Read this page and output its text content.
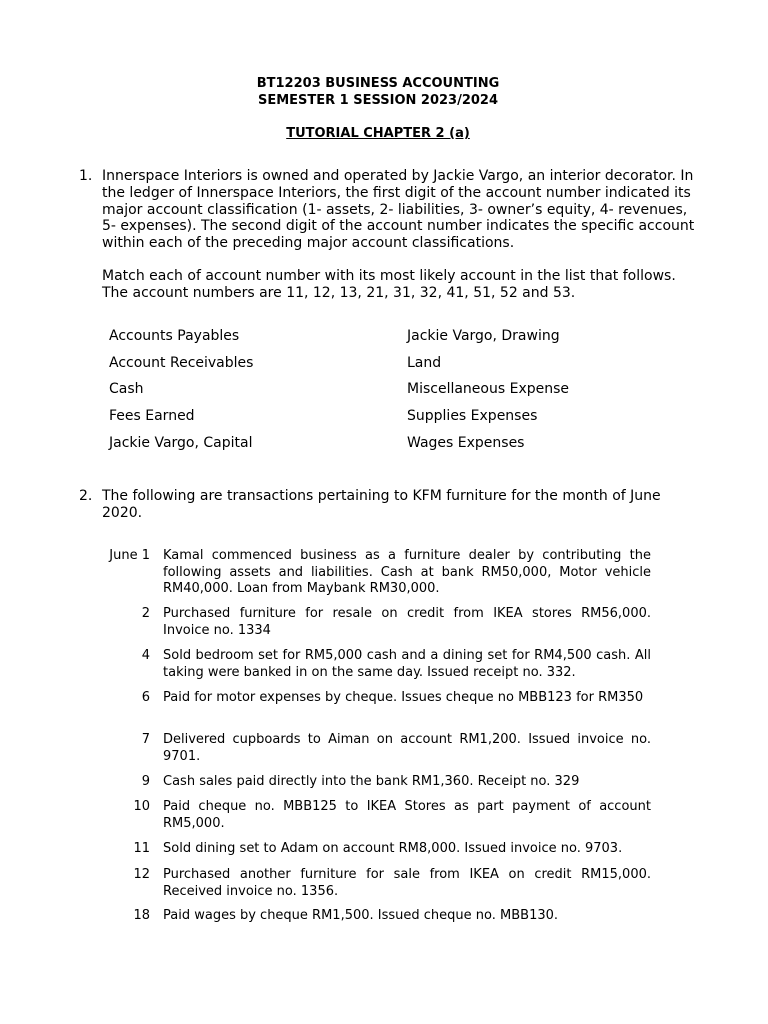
BT12203 BUSINESS ACCOUNTING
SEMESTER 1 SESSION 2023/2024
TUTORIAL CHAPTER 2 (a)
1. Innerspace Interiors is owned and operated by Jackie Vargo, an interior decorator. In the ledger of Innerspace Interiors, the first digit of the account number indicated its major account classification (1- assets, 2- liabilities, 3- owner’s equity, 4- revenues, 5- expenses). The second digit of the account number indicates the specific account within each of the preceding major account classifications.
Match each of account number with its most likely account in the list that follows. The account numbers are 11, 12, 13, 21, 31, 32, 41, 51, 52 and 53.
Accounts Payables
Account Receivables
Cash
Fees Earned
Jackie Vargo, Capital
Jackie Vargo, Drawing
Land
Miscellaneous Expense
Supplies Expenses
Wages Expenses
2. The following are transactions pertaining to KFM furniture for the month of June 2020.
June 1 Kamal commenced business as a furniture dealer by contributing the following assets and liabilities. Cash at bank RM50,000, Motor vehicle RM40,000. Loan from Maybank RM30,000.
2 Purchased furniture for resale on credit from IKEA stores RM56,000. Invoice no. 1334
4 Sold bedroom set for RM5,000 cash and a dining set for RM4,500 cash. All taking were banked in on the same day. Issued receipt no. 332.
6 Paid for motor expenses by cheque. Issues cheque no MBB123 for RM350
7 Delivered cupboards to Aiman on account RM1,200. Issued invoice no. 9701.
9 Cash sales paid directly into the bank RM1,360. Receipt no. 329
10 Paid cheque no. MBB125 to IKEA Stores as part payment of account RM5,000.
11 Sold dining set to Adam on account RM8,000. Issued invoice no. 9703.
12 Purchased another furniture for sale from IKEA on credit RM15,000. Received invoice no. 1356.
18 Paid wages by cheque RM1,500. Issued cheque no. MBB130.
